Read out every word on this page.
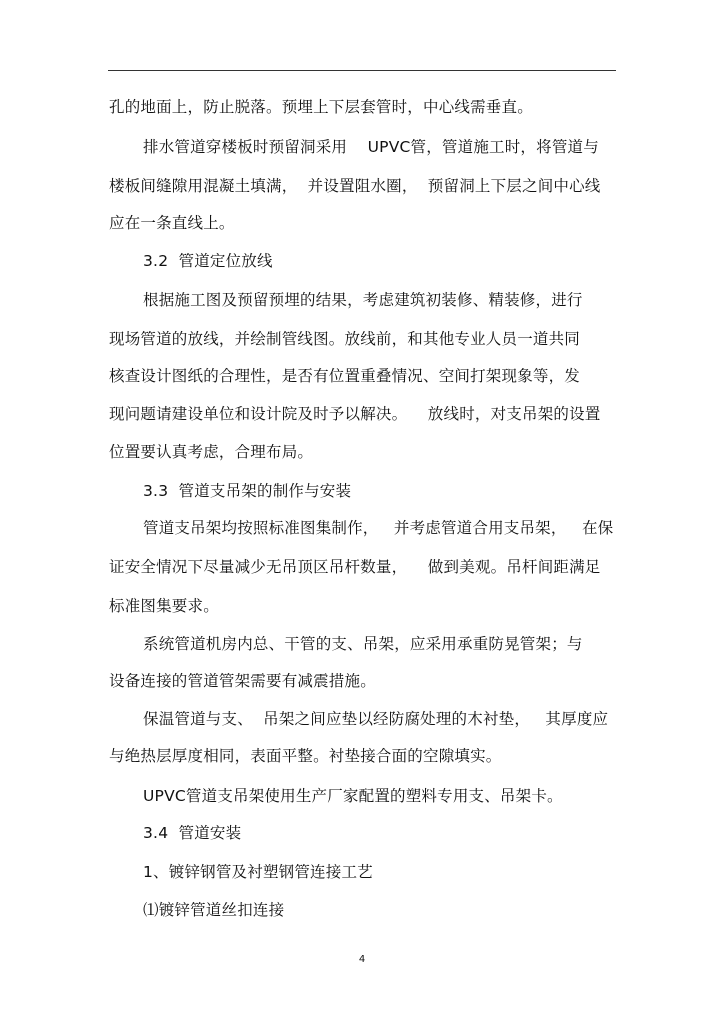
孔的地面上，防止脱落。预埋上下层套管时，中心线需垂直。
排水管道穿楼板时预留洞采用    UPVC管，管道施工时，将管道与
楼板间缝隙用混凝土填满，  并设置阻水圈，  预留洞上下层之间中心线
应在一条直线上。
3.2  管道定位放线
根据施工图及预留预埋的结果，考虑建筑初装修、精装修，进行
现场管道的放线，并绘制管线图。放线前，和其他专业人员一道共同
核查设计图纸的合理性，是否有位置重叠情况、空间打架现象等，发
现问题请建设单位和设计院及时予以解决。    放线时，对支吊架的设置
位置要认真考虑，合理布局。
3.3  管道支吊架的制作与安装
管道支吊架均按照标准图集制作，   并考虑管道合用支吊架，   在保
证安全情况下尽量减少无吊顶区吊杆数量，    做到美观。吊杆间距满足
标准图集要求。
系统管道机房内总、干管的支、吊架，应采用承重防晃管架；与
设备连接的管道管架需要有减震措施。
保温管道与支、  吊架之间应垫以经防腐处理的木衬垫，   其厚度应
与绝热层厚度相同，表面平整。衬垫接合面的空隙填实。
UPVC管道支吊架使用生产厂家配置的塑料专用支、吊架卡。
3.4  管道安装
1、镀锌钢管及衬塑钢管连接工艺
⑴镀锌管道丝扣连接
4
